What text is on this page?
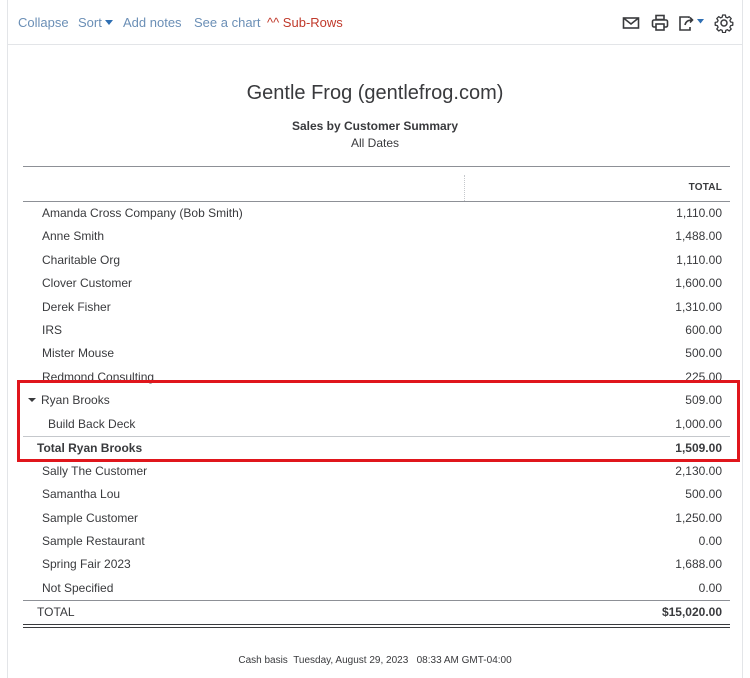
Collapse Sort	Add notes See a chart ^^ Sub-Rows
Gentle Frog (gentlefrog.com)
Sales by Customer Summary
All Dates
TOTAL
Amanda Cross Company (Bob Smith)	1,110.00
Anne Smith	1,488.00
Charitable Org	1,110.00
Clover Customer	1,600.00
Derek Fisher	1,310.00
IRS	600.00
Mister Mouse	500.00
Redmond Consulting	225.00
Ryan Brooks	509.00
Build Back Deck	1,000.00
Total Ryan Brooks	1,509.00
Sally The Customer	2,130.00
Samantha Lou	500.00
Sample Customer	1,250.00
Sample Restaurant	0.00
Spring Fair 2023	1,688.00
Not Specified	0.00
TOTAL	$15,020.00
Cash basis  Tuesday, August 29, 2023   08:33 AM GMT-04:00
